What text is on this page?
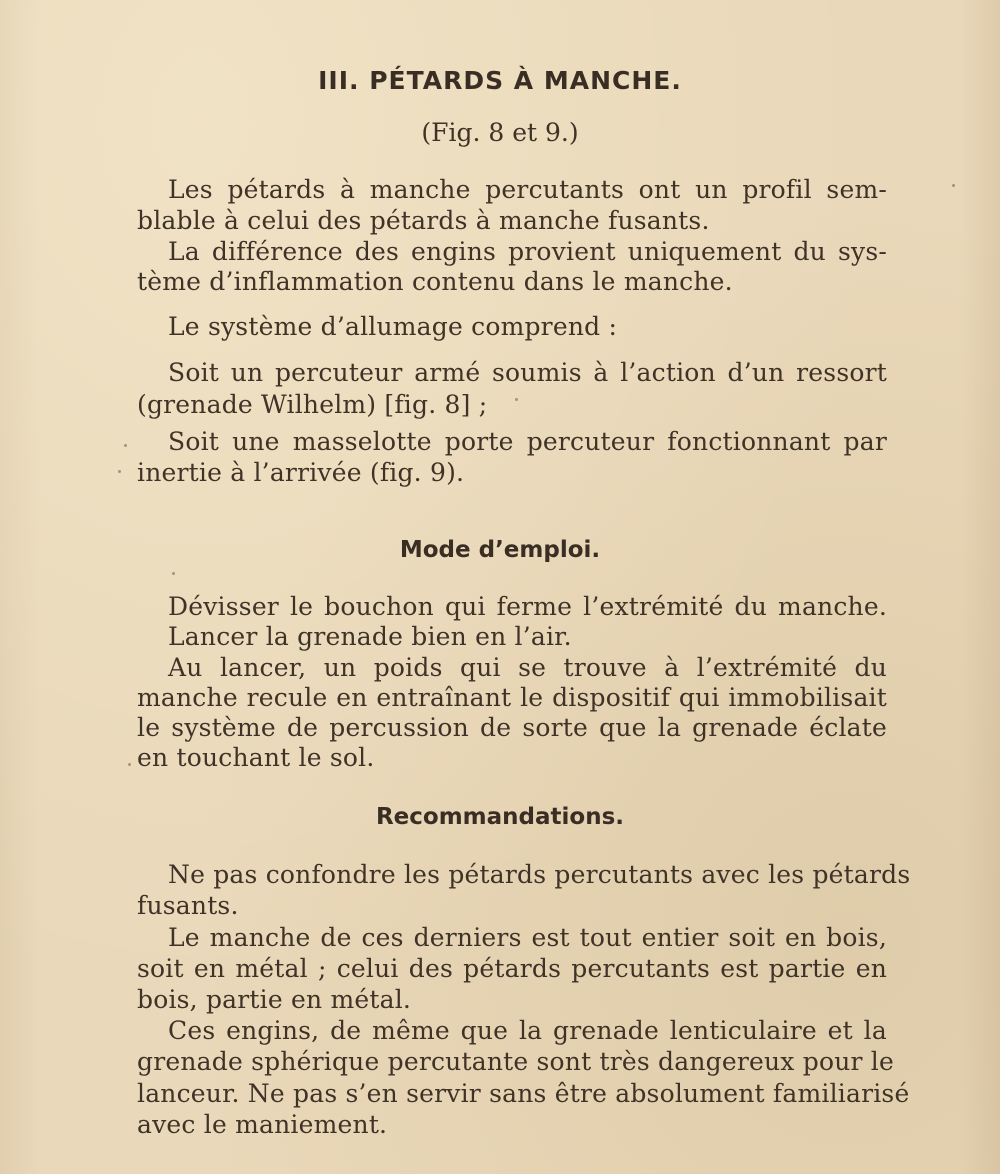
III. PÉTARDS À MANCHE.
(Fig. 8 et 9.)
Les pétards à manche percutants ont un profil sem-
blable à celui des pétards à manche fusants.
La différence des engins provient uniquement du sys-
tème d’inflammation contenu dans le manche.
Le système d’allumage comprend :
Soit un percuteur armé soumis à l’action d’un ressort
(grenade Wilhelm) [fig. 8] ;
Soit une masselotte porte percuteur fonctionnant par
inertie à l’arrivée (fig. 9).
Mode d’emploi.
Dévisser le bouchon qui ferme l’extrémité du manche.
Lancer la grenade bien en l’air.
Au lancer, un poids qui se trouve à l’extrémité du
manche recule en entraînant le dispositif qui immobilisait
le système de percussion de sorte que la grenade éclate
en touchant le sol.
Recommandations.
Ne pas confondre les pétards percutants avec les pétards
fusants.
Le manche de ces derniers est tout entier soit en bois,
soit en métal ; celui des pétards percutants est partie en
bois, partie en métal.
Ces engins, de même que la grenade lenticulaire et la
grenade sphérique percutante sont très dangereux pour le
lanceur. Ne pas s’en servir sans être absolument familiarisé
avec le maniement.
